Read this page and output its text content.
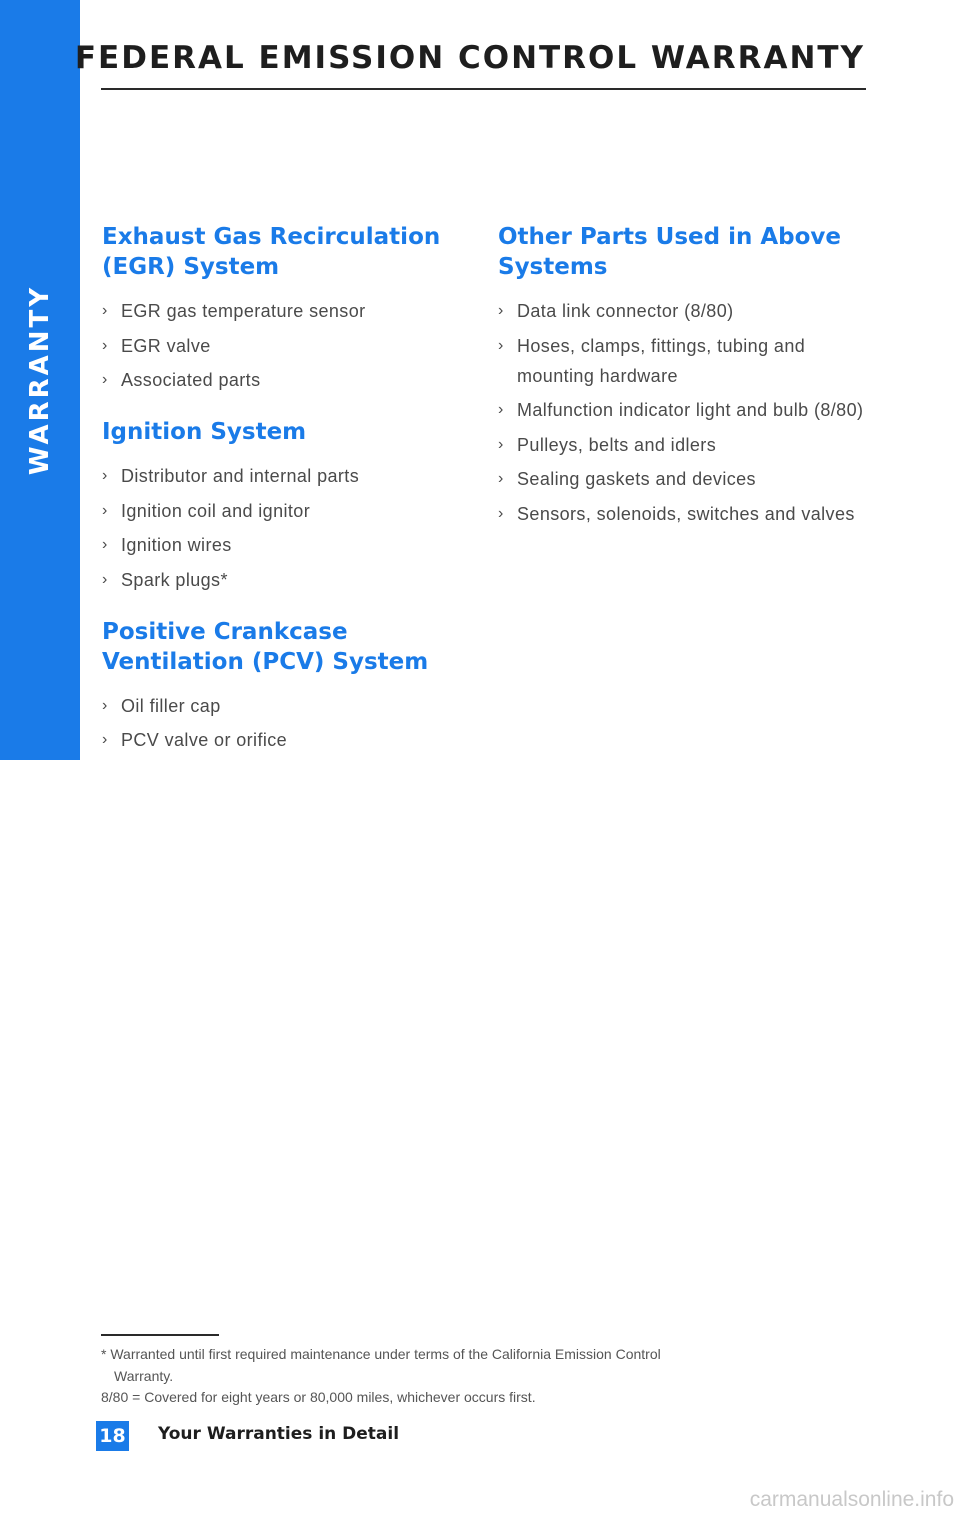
WARRANTY
FEDERAL EMISSION CONTROL WARRANTY
Exhaust Gas Recirculation (EGR) System
› EGR gas temperature sensor
› EGR valve
› Associated parts
Ignition System
› Distributor and internal parts
› Ignition coil and ignitor
› Ignition wires
› Spark plugs*
Positive Crankcase Ventilation (PCV) System
› Oil filler cap
› PCV valve or orifice
Other Parts Used in Above Systems
› Data link connector (8/80)
› Hoses, clamps, fittings, tubing and mounting hardware
› Malfunction indicator light and bulb (8/80)
› Pulleys, belts and idlers
› Sealing gaskets and devices
› Sensors, solenoids, switches and valves
* Warranted until first required maintenance under terms of the California Emission Control
Warranty.
8/80 = Covered for eight years or 80,000 miles, whichever occurs first.
18 Your Warranties in Detail
carmanualsonline.info
